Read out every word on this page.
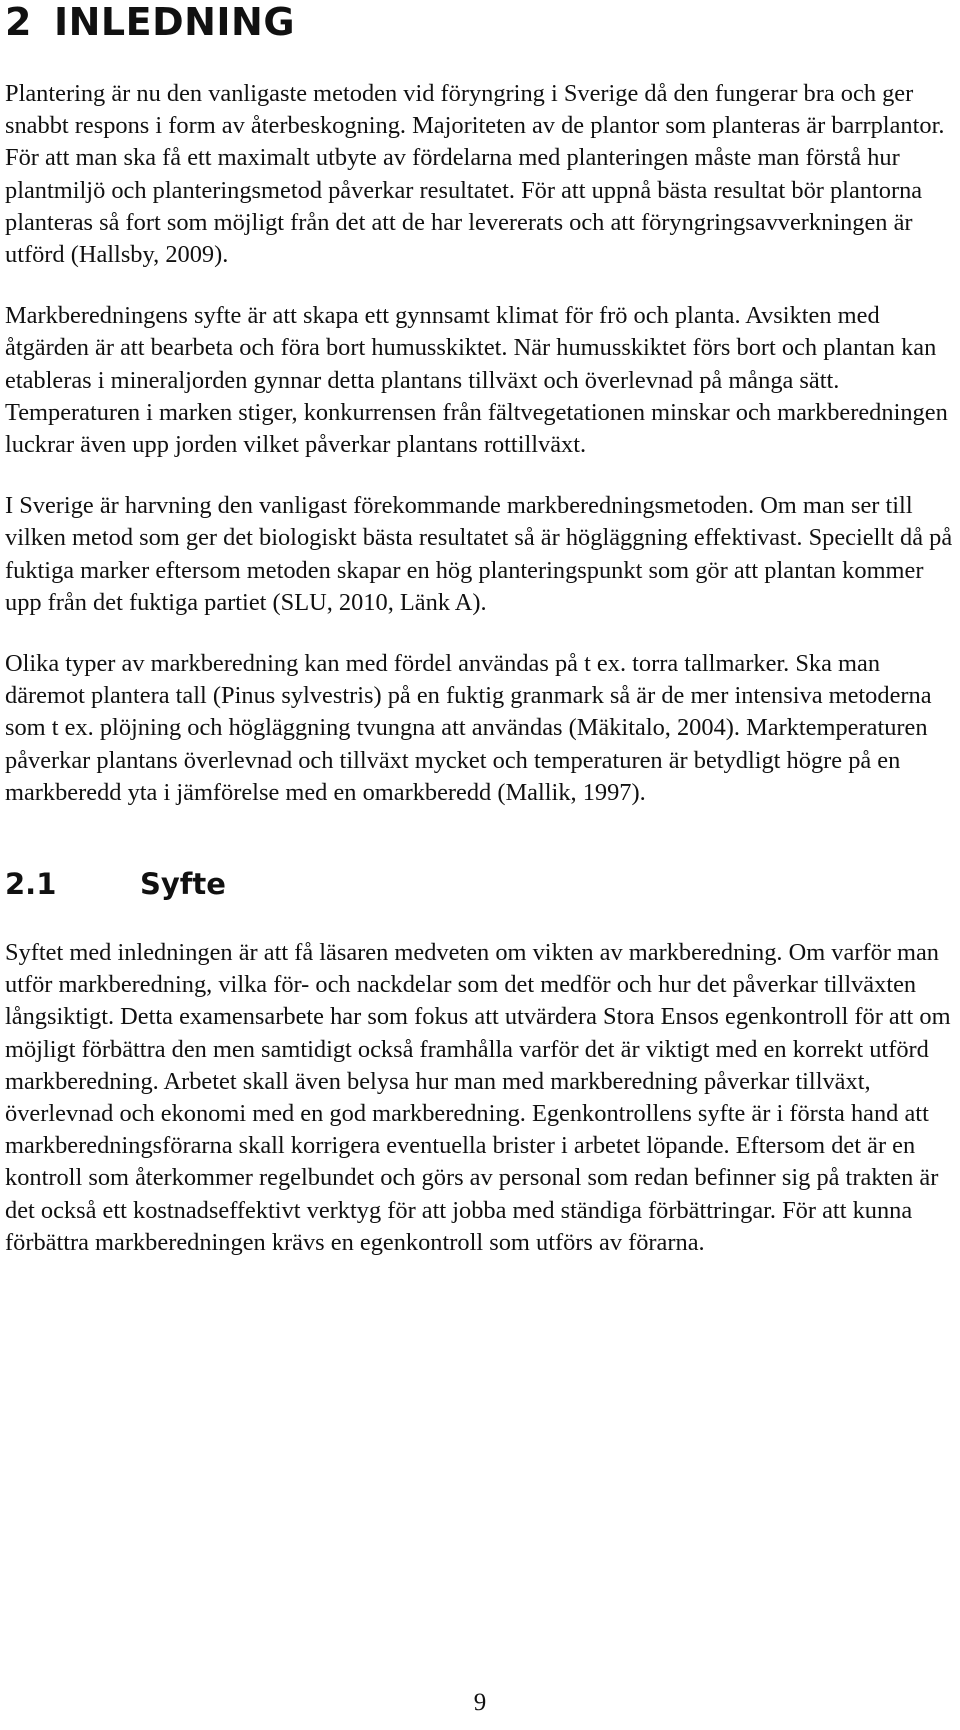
2 INLEDNING

Plantering är nu den vanligaste metoden vid föryngring i Sverige då den fungerar bra och ger snabbt respons i form av återbeskogning. Majoriteten av de plantor som planteras är barrplantor. För att man ska få ett maximalt utbyte av fördelarna med planteringen måste man förstå hur plantmiljö och planteringsmetod påverkar resultatet. För att uppnå bästa resultat bör plantorna planteras så fort som möjligt från det att de har levererats och att föryngringsavverkningen är utförd (Hallsby, 2009).

Markberedningens syfte är att skapa ett gynnsamt klimat för frö och planta. Avsikten med åtgärden är att bearbeta och föra bort humusskiktet. När humusskiktet förs bort och plantan kan etableras i mineraljorden gynnar detta plantans tillväxt och överlevnad på många sätt. Temperaturen i marken stiger, konkurrensen från fältvegetationen minskar och markberedningen luckrar även upp jorden vilket påverkar plantans rottillväxt.

I Sverige är harvning den vanligast förekommande markberedningsmetoden. Om man ser till vilken metod som ger det biologiskt bästa resultatet så är högläggning effektivast. Speciellt då på fuktiga marker eftersom metoden skapar en hög planteringspunkt som gör att plantan kommer upp från det fuktiga partiet (SLU, 2010, Länk A).

Olika typer av markberedning kan med fördel användas på t ex. torra tallmarker. Ska man däremot plantera tall (Pinus sylvestris) på en fuktig granmark så är de mer intensiva metoderna som t ex. plöjning och högläggning tvungna att användas (Mäkitalo, 2004). Marktemperaturen påverkar plantans överlevnad och tillväxt mycket och temperaturen är betydligt högre på en markberedd yta i jämförelse med en omarkberedd (Mallik, 1997).

2.1	Syfte

Syftet med inledningen är att få läsaren medveten om vikten av markberedning. Om varför man utför markberedning, vilka för- och nackdelar som det medför och hur det påverkar tillväxten långsiktigt. Detta examensarbete har som fokus att utvärdera Stora Ensos egenkontroll för att om möjligt förbättra den men samtidigt också framhålla varför det är viktigt med en korrekt utförd markberedning. Arbetet skall även belysa hur man med markberedning påverkar tillväxt, överlevnad och ekonomi med en god markberedning. Egenkontrollens syfte är i första hand att markberedningsförarna skall korrigera eventuella brister i arbetet löpande. Eftersom det är en kontroll som återkommer regelbundet och görs av personal som redan befinner sig på trakten är det också ett kostnadseffektivt verktyg för att jobba med ständiga förbättringar. För att kunna förbättra markberedningen krävs en egenkontroll som utförs av förarna.

9
